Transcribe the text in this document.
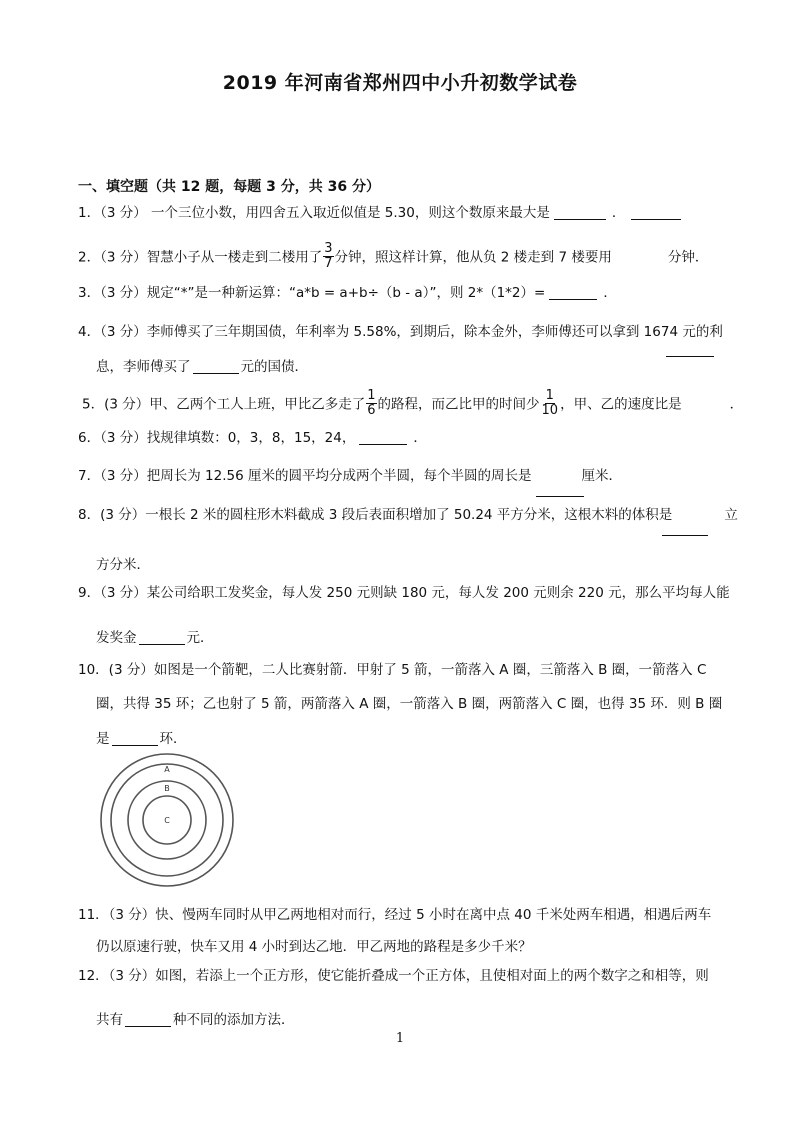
2019 年河南省郑州四中小升初数学试卷
一、填空题（共 12 题，每题 3 分，共 36 分）
1．（3 分） 一个三位小数，用四舍五入取近似值是 5.30，则这个数原来最大是	．
2．（3 分）智慧小子从一楼走到二楼用了 $\frac{3}{7}$ 分钟，照这样计算，他从负 2 楼走到 7 楼要用	分钟．
3．（3 分）规定“*”是一种新运算：“a*b = a+b÷（b - a）”，则 2*（1*2）=	．
4．（3 分）李师傅买了三年期国债，年利率为 5.58%，到期后，除本金外，李师傅还可以拿到 1674 元的利
息，李师傅买了	元的国债．
5．(3 分）甲、乙两个工人上班，甲比乙多走了 $\frac{1}{6}$ 的路程，而乙比甲的时间少 $\frac{1}{10}$ ，甲、乙的速度比是	．
6．（3 分）找规律填数：0，3，8，15，24，	．
7．（3 分）把周长为 12.56 厘米的圆平均分成两个半圆，每个半圆的周长是	厘米．
8．(3 分）一根长 2 米的圆柱形木料截成 3 段后表面积增加了 50.24 平方分米，这根木料的体积是	立
方分米．
9．（3 分）某公司给职工发奖金，每人发 250 元则缺 180 元，每人发 200 元则余 220 元，那么平均每人能
发奖金	元．
10．(3 分）如图是一个箭靶，二人比赛射箭．甲射了 5 箭，一箭落入 A 圈，三箭落入 B 圈，一箭落入 C
圈，共得 35 环；乙也射了 5 箭，两箭落入 A 圈，一箭落入 B 圈，两箭落入 C 圈，也得 35 环．则 B 圈
是	环．
A
B
C
11．（3 分）快、慢两车同时从甲乙两地相对而行，经过 5 小时在离中点 40 千米处两车相遇，相遇后两车
仍以原速行驶，快车又用 4 小时到达乙地．甲乙两地的路程是多少千米？
12．（3 分）如图，若添上一个正方形，使它能折叠成一个正方体，且使相对面上的两个数字之和相等，则
共有	种不同的添加方法．
1
